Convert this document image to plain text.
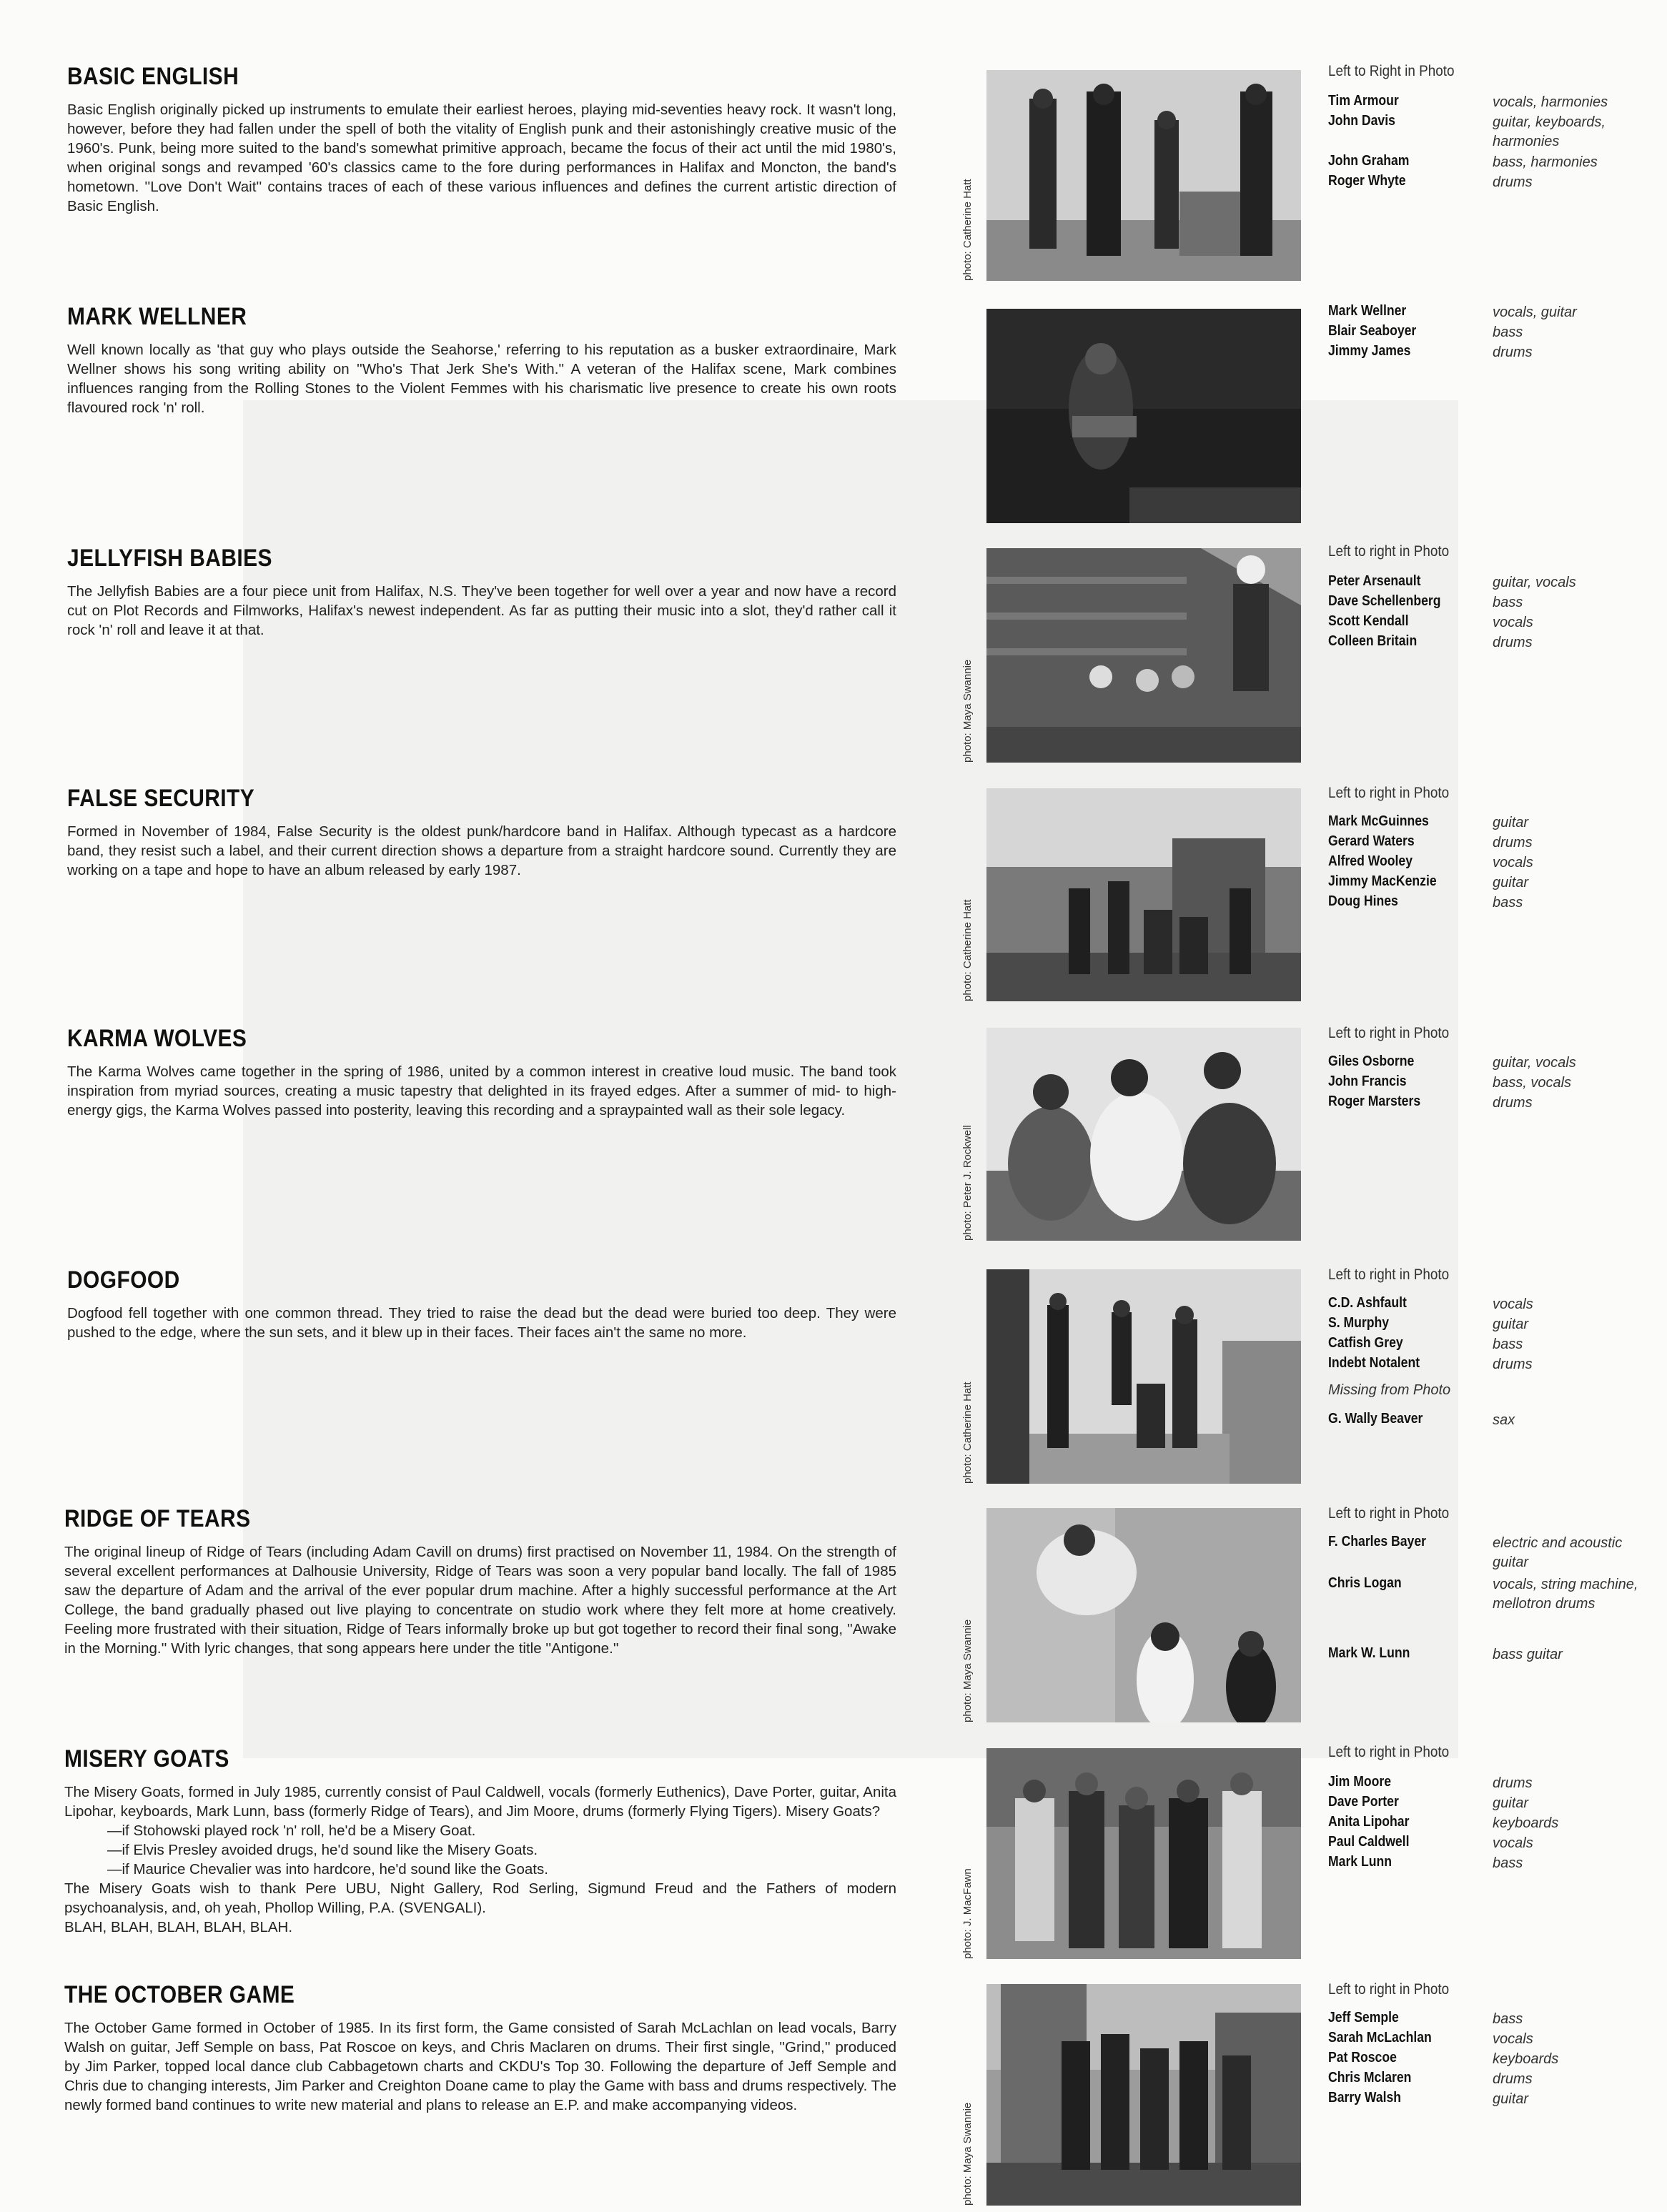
BASIC ENGLISH

Basic English originally picked up instruments to emulate their earliest heroes, playing mid-seventies heavy rock. It wasn't long, however, before they had fallen under the spell of both the vitality of English punk and their astonishingly creative music of the 1960's. Punk, being more suited to the band's somewhat primitive approach, became the focus of their act until the mid 1980's, when original songs and revamped '60's classics came to the fore during performances in Halifax and Moncton, the band's hometown. ''Love Don't Wait'' contains traces of each of these various influences and defines the current artistic direction of Basic English.	photo: Catherine Hatt
Left to Right in Photo
Tim Armour	vocals, harmonies
John Davis	guitar, keyboards, harmonies
John Graham	bass, harmonies
Roger Whyte	drums
MARK WELLNER

Well known locally as 'that guy who plays outside the Seahorse,' referring to his reputation as a busker extraordinaire, Mark Wellner shows his song writing ability on ''Who's That Jerk She's With.'' A veteran of the Halifax scene, Mark combines influences ranging from the Rolling Stones to the Violent Femmes with his charismatic live presence to create his own roots flavoured rock 'n' roll.

Mark Wellner	vocals, guitar
Blair Seaboyer	bass
Jimmy James	drums
JELLYFISH BABIES

The Jellyfish Babies are a four piece unit from Halifax, N.S. They've been together for well over a year and now have a record cut on Plot Records and Filmworks, Halifax's newest independent. As far as putting their music into a slot, they'd rather call it rock 'n' roll and leave it at that.

photo: Maya Swannie
Left to right in Photo
Peter Arsenault	guitar, vocals
Dave Schellenberg	bass
Scott Kendall	vocals
Colleen Britain	drums
FALSE SECURITY

Formed in November of 1984, False Security is the oldest punk/hardcore band in Halifax. Although typecast as a hardcore band, they resist such a label, and their current direction shows a departure from a straight hardcore sound. Currently they are working on a tape and hope to have an album released by early 1987.

photo: Catherine Hatt
Left to right in Photo
Mark McGuinnes	guitar
Gerard Waters	drums
Alfred Wooley	vocals
Jimmy MacKenzie	guitar
Doug Hines	bass
KARMA WOLVES

The Karma Wolves came together in the spring of 1986, united by a common interest in creative loud music. The band took inspiration from myriad sources, creating a music tapestry that delighted in its frayed edges. After a summer of mid- to high-energy gigs, the Karma Wolves passed into posterity, leaving this recording and a spraypainted wall as their sole legacy.

photo: Peter J. Rockwell
Left to right in Photo
Giles Osborne	guitar, vocals
John Francis	bass, vocals
Roger Marsters	drums
DOGFOOD

Dogfood fell together with one common thread. They tried to raise the dead but the dead were buried too deep. They were pushed to the edge, where the sun sets, and it blew up in their faces. Their faces ain't the same no more.

photo: Catherine Hatt
Left to right in Photo
C.D. Ashfault	vocals
S. Murphy	guitar
Catfish Grey	bass
Indebt Notalent	drums
Missing from Photo
G. Wally Beaver	sax
RIDGE OF TEARS

The original lineup of Ridge of Tears (including Adam Cavill on drums) first practised on November 11, 1984. On the strength of several excellent performances at Dalhousie University, Ridge of Tears was soon a very popular band locally. The fall of 1985 saw the departure of Adam and the arrival of the ever popular drum machine. After a highly successful performance at the Art College, the band gradually phased out live playing to concentrate on studio work where they felt more at home creatively. Feeling more frustrated with their situation, Ridge of Tears informally broke up but got together to record their final song, ''Awake in the Morning.'' With lyric changes, that song appears here under the title ''Antigone.''	photo: Maya Swannie
Left to right in Photo
F. Charles Bayer	electric and acoustic guitar
Chris Logan	vocals, string machine, mellotron drums
Mark W. Lunn	bass guitar
MISERY GOATS

The Misery Goats, formed in July 1985, currently consist of Paul Caldwell, vocals (formerly Euthenics), Dave Porter, guitar, Anita Lipohar, keyboards, Mark Lunn, bass (formerly Ridge of Tears), and Jim Moore, drums (formerly Flying Tigers). Misery Goats?

—if Stohowski played rock 'n' roll, he'd be a Misery Goat.

—if Elvis Presley avoided drugs, he'd sound like the Misery Goats.

—if Maurice Chevalier was into hardcore, he'd sound like the Goats.

The Misery Goats wish to thank Pere UBU, Night Gallery, Rod Serling, Sigmund Freud and the Fathers of modern psychoanalysis, and, oh yeah, Phollop Willing, P.A. (SVENGALI).

BLAH, BLAH, BLAH, BLAH, BLAH.	photo: J. MacFawn
Left to right in Photo
Jim Moore	drums
Dave Porter	guitar
Anita Lipohar	keyboards
Paul Caldwell	vocals
Mark Lunn	bass
THE OCTOBER GAME

The October Game formed in October of 1985. In its first form, the Game consisted of Sarah McLachlan on lead vocals, Barry Walsh on guitar, Jeff Semple on bass, Pat Roscoe on keys, and Chris Maclaren on drums. Their first single, ''Grind,'' produced by Jim Parker, topped local dance club Cabbagetown charts and CKDU's Top 30. Following the departure of Jeff Semple and Chris due to changing interests, Jim Parker and Creighton Doane came to play the Game with bass and drums respectively. The newly formed band continues to write new material and plans to release an E.P. and make accompanying videos.	photo: Maya Swannie
Left to right in Photo
Jeff Semple	bass
Sarah McLachlan	vocals
Pat Roscoe	keyboards
Chris Mclaren	drums
Barry Walsh	guitar
